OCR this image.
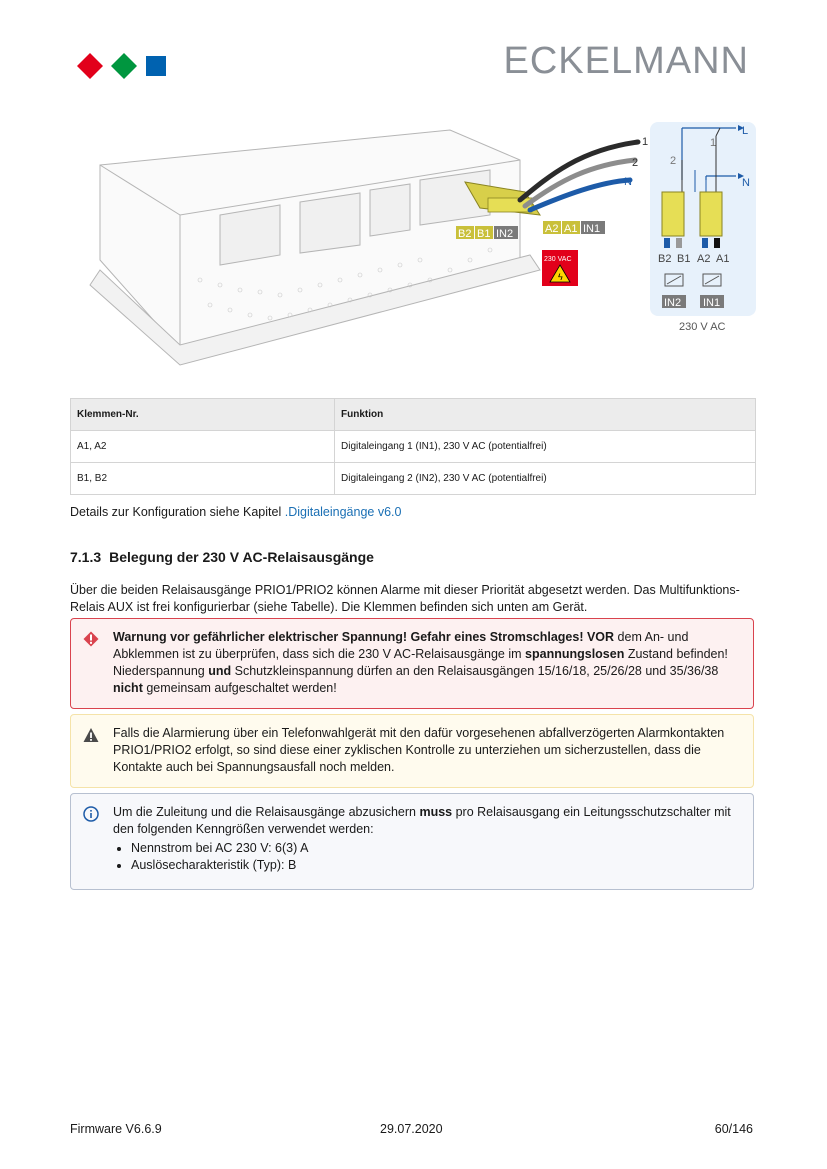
ECKELMANN
1
2
N
B2 B1 IN2	A2 A1 IN1
230 VAC
ϟ
L
N
2
1
B2 B1 A2 A1
IN2 IN1
230 V AC
Klemmen-Nr.	Funktion
A1, A2	Digitaleingang 1 (IN1), 230 V AC (potentialfrei)
B1, B2	Digitaleingang 2 (IN2), 230 V AC (potentialfrei)
Details zur Konfiguration siehe Kapitel .Digitaleingänge v6.0
7.1.3 Belegung der 230 V AC-Relaisausgänge
Über die beiden Relaisausgänge PRIO1/PRIO2 können Alarme mit dieser Priorität abgesetzt werden. Das Multifunktions-Relais AUX ist frei konfigurierbar (siehe Tabelle). Die Klemmen befinden sich unten am Gerät.
Warnung vor gefährlicher elektrischer Spannung! Gefahr eines Stromschlages! VOR dem An- und Abklemmen ist zu überprüfen, dass sich die 230 V AC-Relaisausgänge im spannungslosen Zustand befinden! Niederspannung und Schutzkleinspannung dürfen an den Relaisausgängen 15/16/18, 25/26/28 und 35/36/38 nicht gemeinsam aufgeschaltet werden!
Falls die Alarmierung über ein Telefonwahlgerät mit den dafür vorgesehenen abfallverzögerten Alarmkontakten PRIO1/PRIO2 erfolgt, so sind diese einer zyklischen Kontrolle zu unterziehen um sicherzustellen, dass die Kontakte auch bei Spannungsausfall noch melden.
Um die Zuleitung und die Relaisausgänge abzusichern muss pro Relaisausgang ein Leitungsschutzschalter mit den folgenden Kenngrößen verwendet werden:
• Nennstrom bei AC 230 V: 6(3) A
• Auslösecharakteristik (Typ): B
Firmware V6.6.9	29.07.2020	60/146
